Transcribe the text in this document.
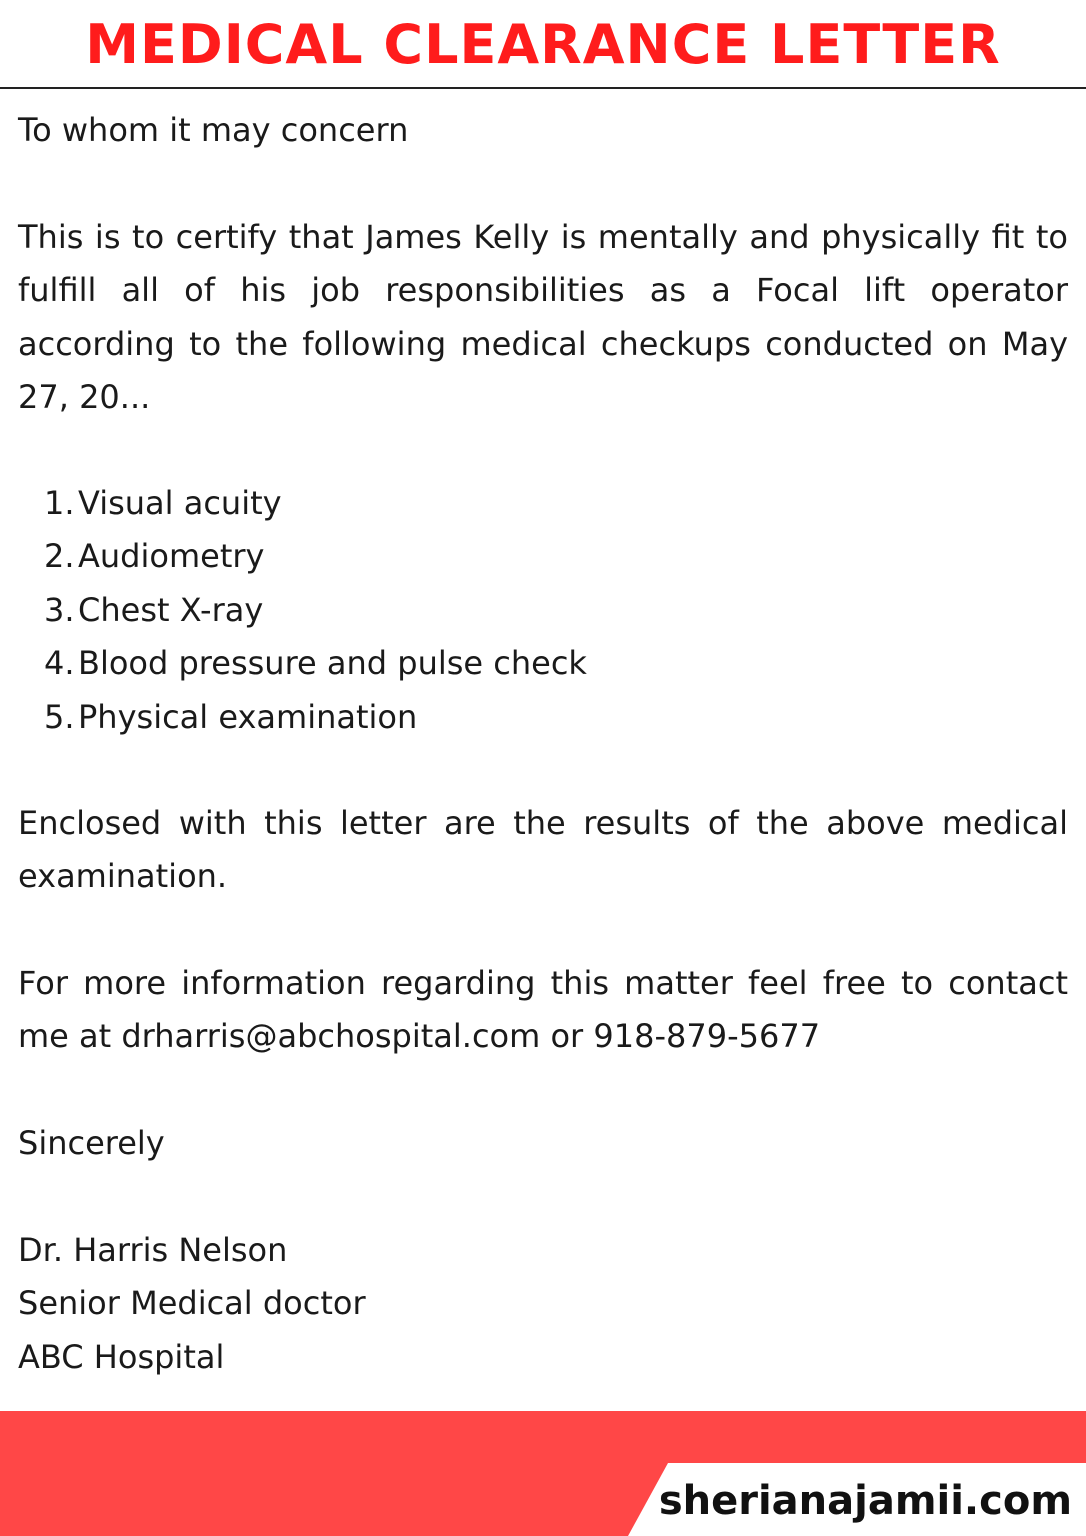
MEDICAL CLEARANCE LETTER

To whom it may concern

This is to certify that James Kelly is mentally and physically fit to fulfill all of his job responsibilities as a Focal lift operator according to the following medical checkups conducted on May 27, 20...

1. Visual acuity
2. Audiometry
3. Chest X-ray
4. Blood pressure and pulse check
5. Physical examination

Enclosed with this letter are the results of the above medical examination.

For more information regarding this matter feel free to contact me at drharris@abchospital.com or 918-879-5677

Sincerely

Dr. Harris Nelson
Senior Medical doctor
ABC Hospital

sherianajamii.com
